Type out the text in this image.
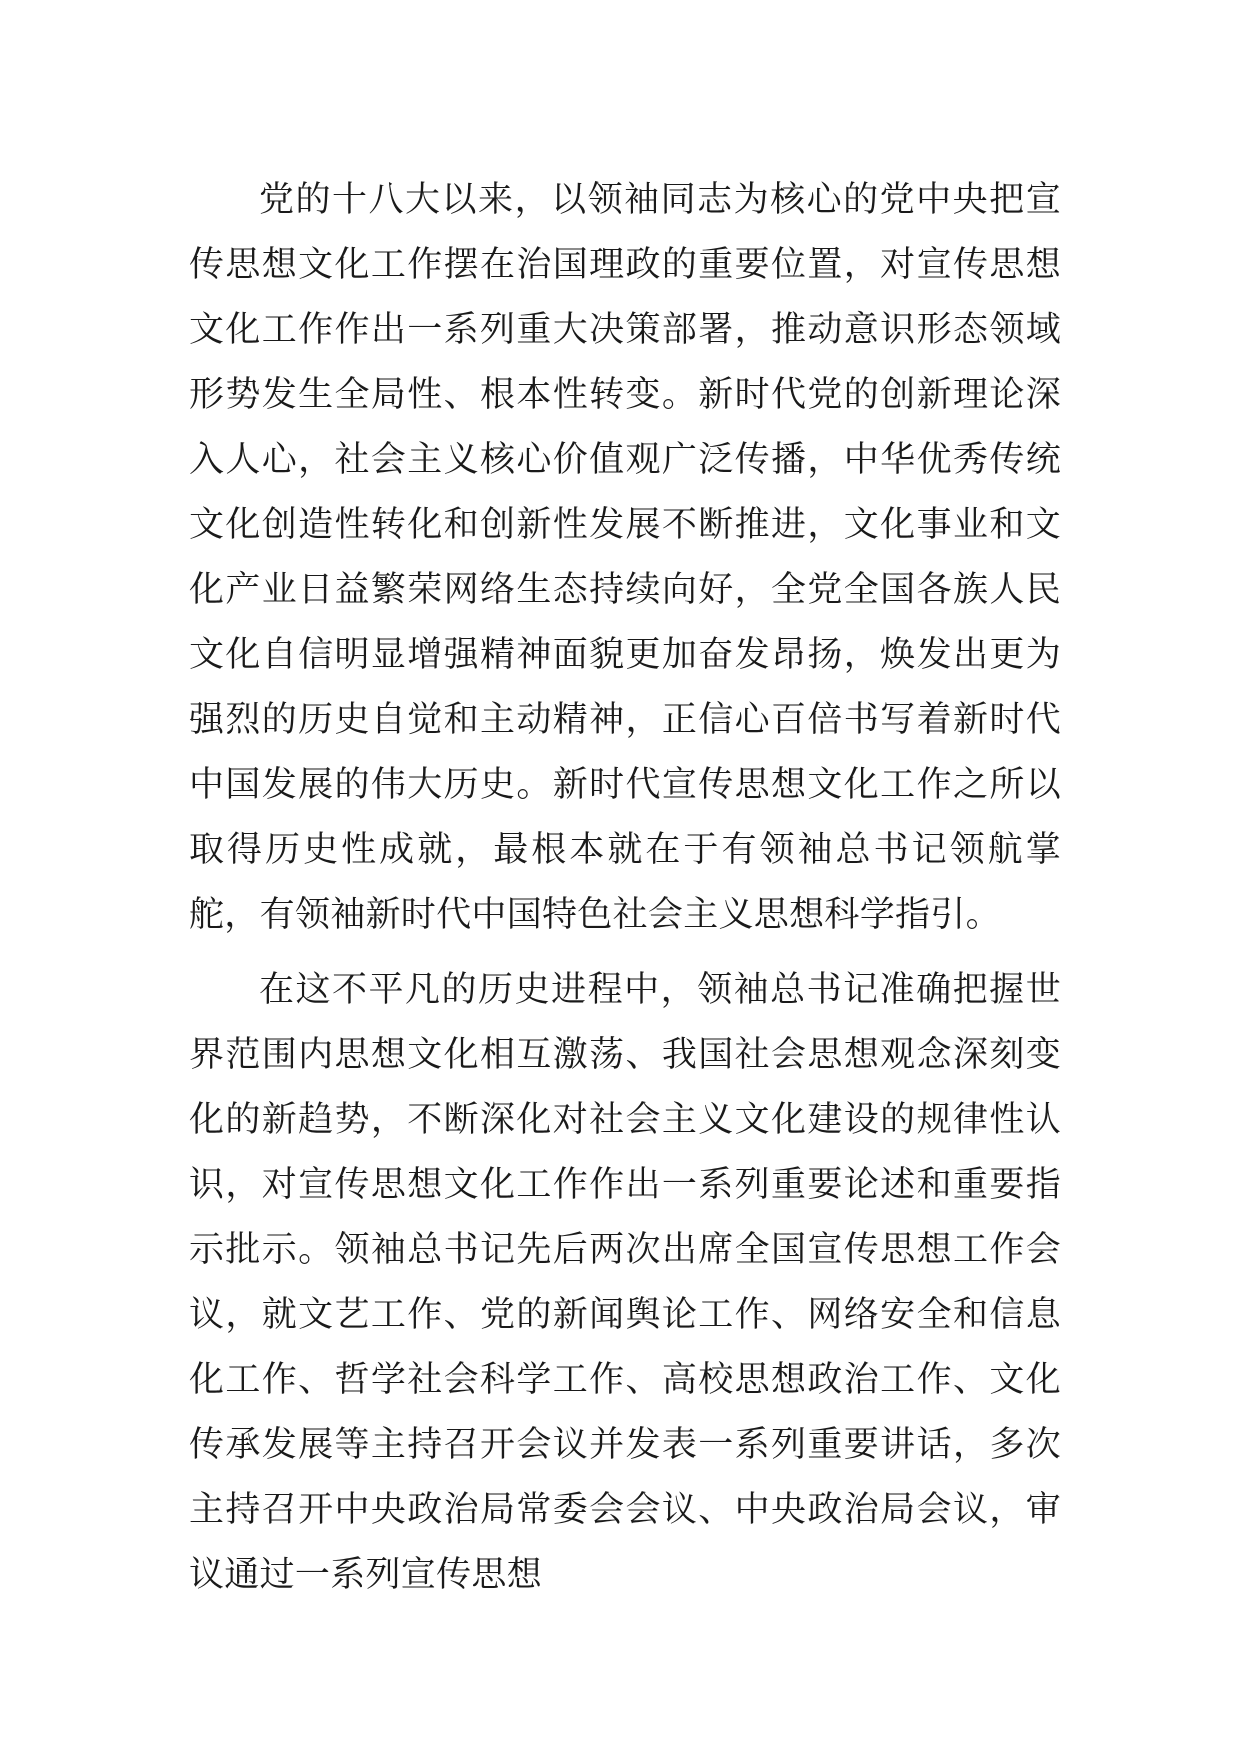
党的十八大以来，以领袖同志为核心的党中央把宣传思想文化工作摆在治国理政的重要位置，对宣传思想文化工作作出一系列重大决策部署，推动意识形态领域形势发生全局性、根本性转变。新时代党的创新理论深入人心，社会主义核心价值观广泛传播，中华优秀传统文化创造性转化和创新性发展不断推进，文化事业和文化产业日益繁荣网络生态持续向好，全党全国各族人民文化自信明显增强精神面貌更加奋发昂扬，焕发出更为强烈的历史自觉和主动精神，正信心百倍书写着新时代中国发展的伟大历史。新时代宣传思想文化工作之所以取得历史性成就，最根本就在于有领袖总书记领航掌舵，有领袖新时代中国特色社会主义思想科学指引。

在这不平凡的历史进程中，领袖总书记准确把握世界范围内思想文化相互激荡、我国社会思想观念深刻变化的新趋势，不断深化对社会主义文化建设的规律性认识，对宣传思想文化工作作出一系列重要论述和重要指示批示。领袖总书记先后两次出席全国宣传思想工作会议，就文艺工作、党的新闻舆论工作、网络安全和信息化工作、哲学社会科学工作、高校思想政治工作、文化传承发展等主持召开会议并发表一系列重要讲话，多次主持召开中央政治局常委会会议、中央政治局会议，审议通过一系列宣传思想
